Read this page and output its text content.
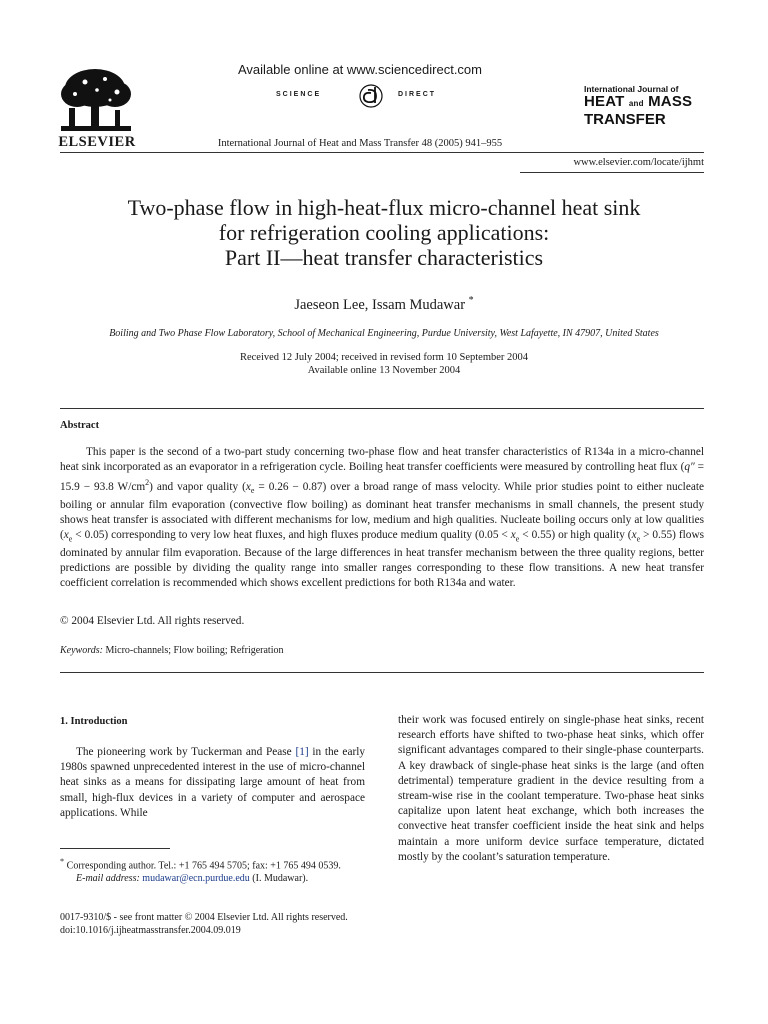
ELSEVIER
Available online at www.sciencedirect.com
SCIENCE	DIRECT
International Journal of Heat and Mass Transfer 48 (2005) 941–955
International Journal of
HEAT and MASS
TRANSFER
www.elsevier.com/locate/ijhmt
Two-phase flow in high-heat-flux micro-channel heat sink
for refrigeration cooling applications:
Part II—heat transfer characteristics
Jaeseon Lee, Issam Mudawar *
Boiling and Two Phase Flow Laboratory, School of Mechanical Engineering, Purdue University, West Lafayette, IN 47907, United States
Received 12 July 2004; received in revised form 10 September 2004
Available online 13 November 2004
Abstract

This paper is the second of a two-part study concerning two-phase flow and heat transfer characteristics of R134a in a micro-channel heat sink incorporated as an evaporator in a refrigeration cycle. Boiling heat transfer coefficients were measured by controlling heat flux (q″ = 15.9 − 93.8 $W/cm^2$) and vapor quality $(x_e = 0.26 - 0.87)$ over a broad range of mass velocity. While prior studies point to either nucleate boiling or annular film evaporation (convective flow boiling) as dominant heat transfer mechanisms in small channels, the present study shows heat transfer is associated with different mechanisms for low, medium and high qualities. Nucleate boiling occurs only at low qualities $(x_e < 0.05)$ corresponding to very low heat fluxes, and high fluxes produce medium quality $(0.05 < x_e < 0.55)$ or high quality $(x_e > 0.55)$ flows dominated by annular film evaporation. Because of the large differences in heat transfer mechanism between the three quality regions, better predictions are possible by dividing the quality range into smaller ranges corresponding to these flow transitions. A new heat transfer coefficient correlation is recommended which shows excellent predictions for both R134a and water.

© 2004 Elsevier Ltd. All rights reserved.
Keywords: Micro-channels; Flow boiling; Refrigeration
1. Introduction

The pioneering work by Tuckerman and Pease [1] in the early 1980s spawned unprecedented interest in the use of micro-channel heat sinks as a means for dissipating large amount of heat from small, high-flux devices in a variety of computer and aerospace applications. While

their work was focused entirely on single-phase heat sinks, recent research efforts have shifted to two-phase heat sinks, which offer significant advantages compared to their single-phase counterparts. A key drawback of single-phase heat sinks is the large (and often detrimental) temperature gradient in the device resulting from a stream-wise rise in the coolant temperature. Two-phase heat sinks capitalize upon latent heat exchange, which both increases the convective heat transfer coefficient inside the heat sink and helps maintain a more uniform device surface temperature, dictated mostly by the coolant’s saturation temperature.

* Corresponding author. Tel.: +1 765 494 5705; fax: +1 765 494 0539.
E-mail address: mudawar@ecn.purdue.edu (I. Mudawar).
0017-9310/$ - see front matter © 2004 Elsevier Ltd. All rights reserved.
doi:10.1016/j.ijheatmasstransfer.2004.09.019
